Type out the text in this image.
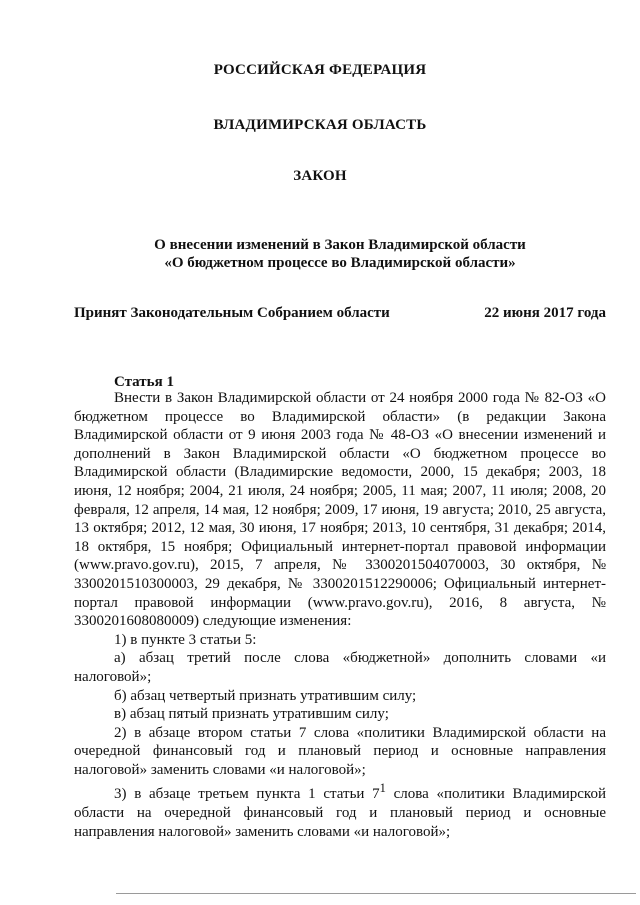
РОССИЙСКАЯ ФЕДЕРАЦИЯ
ВЛАДИМИРСКАЯ ОБЛАСТЬ
ЗАКОН
О внесении изменений в Закон Владимирской области
«О бюджетном процессе во Владимирской области»
Принят Законодательным Собранием области	22 июня 2017 года
Статья 1

Внести в Закон Владимирской области от 24 ноября 2000 года № 82-ОЗ «О бюджетном процессе во Владимирской области» (в редакции Закона Владимирской области от 9 июня 2003 года № 48-ОЗ «О внесении изменений и дополнений в Закон Владимирской области «О бюджетном процессе во Владимирской области (Владимирские ведомости, 2000, 15 декабря; 2003, 18 июня, 12 ноября; 2004, 21 июля, 24 ноября; 2005, 11 мая; 2007, 11 июля; 2008, 20 февраля, 12 апреля, 14 мая, 12 ноября; 2009, 17 июня, 19 августа; 2010, 25 августа, 13 октября; 2012, 12 мая, 30 июня, 17 ноября; 2013, 10 сентября, 31 декабря; 2014, 18 октября, 15 ноября; Официальный интернет-портал правовой информации (www.pravo.gov.ru), 2015, 7 апреля, № 3300201504070003, 30 октября, № 3300201510300003, 29 декабря, № 3300201512290006; Официальный интернет-портал правовой информации (www.pravo.gov.ru), 2016, 8 августа, № 3300201608080009) следующие изменения:

1) в пункте 3 статьи 5:

а) абзац третий после слова «бюджетной» дополнить словами «и налоговой»;

б) абзац четвертый признать утратившим силу;

в) абзац пятый признать утратившим силу;

2) в абзаце втором статьи 7 слова «политики Владимирской области на очередной финансовый год и плановый период и основные направления налоговой» заменить словами «и налоговой»;

3) в абзаце третьем пункта 1 статьи $7^1$ слова «политики Владимирской области на очередной финансовый год и плановый период и основные направления налоговой» заменить словами «и налоговой»;
